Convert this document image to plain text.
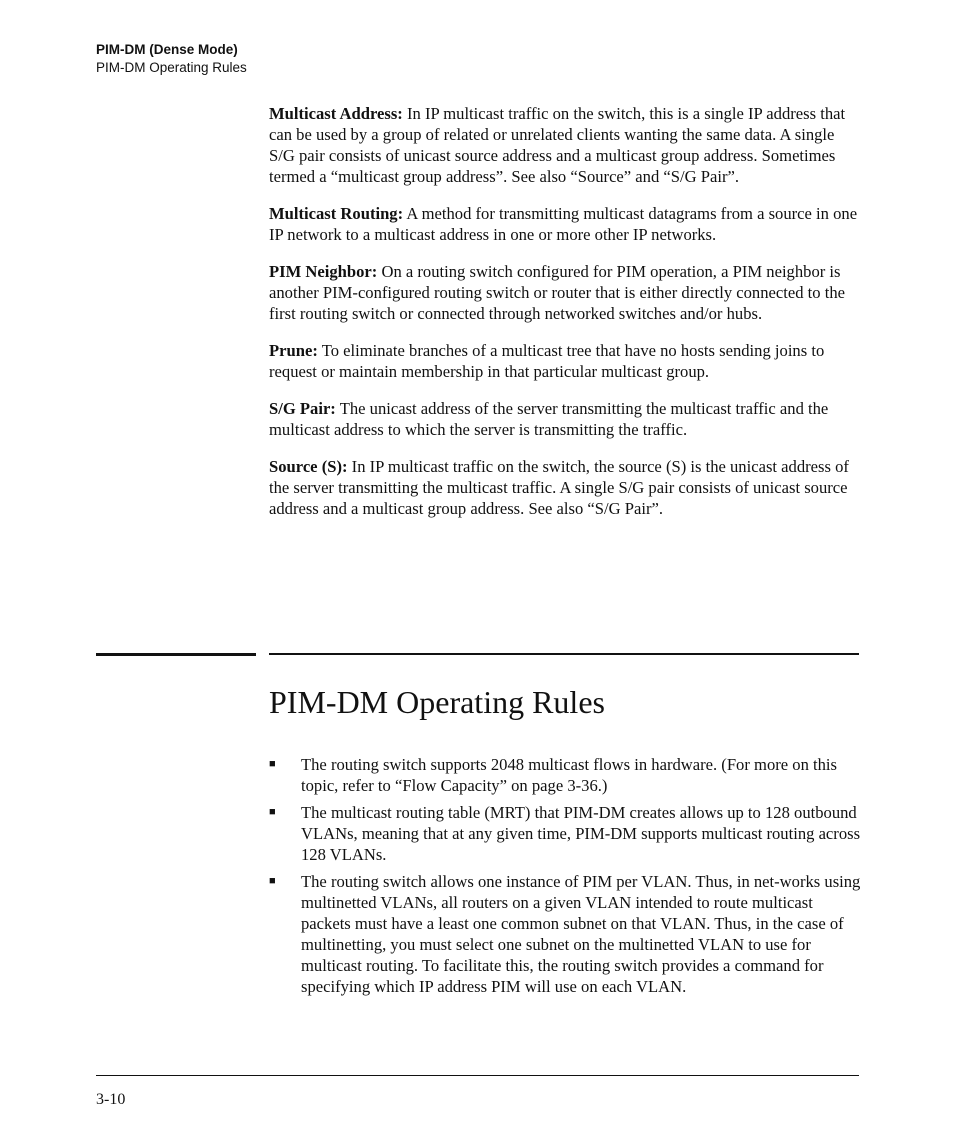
PIM-DM (Dense Mode)
PIM-DM Operating Rules

Multicast Address: In IP multicast traffic on the switch, this is a single IP address that can be used by a group of related or unrelated clients wanting the same data. A single S/G pair consists of unicast source address and a multicast group address. Sometimes termed a “multicast group address”. See also “Source” and “S/G Pair”.

Multicast Routing: A method for transmitting multicast datagrams from a source in one IP network to a multicast address in one or more other IP networks.

PIM Neighbor: On a routing switch configured for PIM operation, a PIM neighbor is another PIM-configured routing switch or router that is either directly connected to the first routing switch or connected through networked switches and/or hubs.

Prune: To eliminate branches of a multicast tree that have no hosts sending joins to request or maintain membership in that particular multicast group.

S/G Pair: The unicast address of the server transmitting the multicast traffic and the multicast address to which the server is transmitting the traffic.

Source (S): In IP multicast traffic on the switch, the source (S) is the unicast address of the server transmitting the multicast traffic. A single S/G pair consists of unicast source address and a multicast group address. See also “S/G Pair”.

PIM-DM Operating Rules
■	The routing switch supports 2048 multicast flows in hardware. (For more on this topic, refer to “Flow Capacity” on page 3-36.)
■	The multicast routing table (MRT) that PIM-DM creates allows up to 128 outbound VLANs, meaning that at any given time, PIM-DM supports multicast routing across 128 VLANs.
■	The routing switch allows one instance of PIM per VLAN. Thus, in net-works using multinetted VLANs, all routers on a given VLAN intended to route multicast packets must have a least one common subnet on that VLAN. Thus, in the case of multinetting, you must select one subnet on the multinetted VLAN to use for multicast routing. To facilitate this, the routing switch provides a command for specifying which IP address PIM will use on each VLAN.
3-10
